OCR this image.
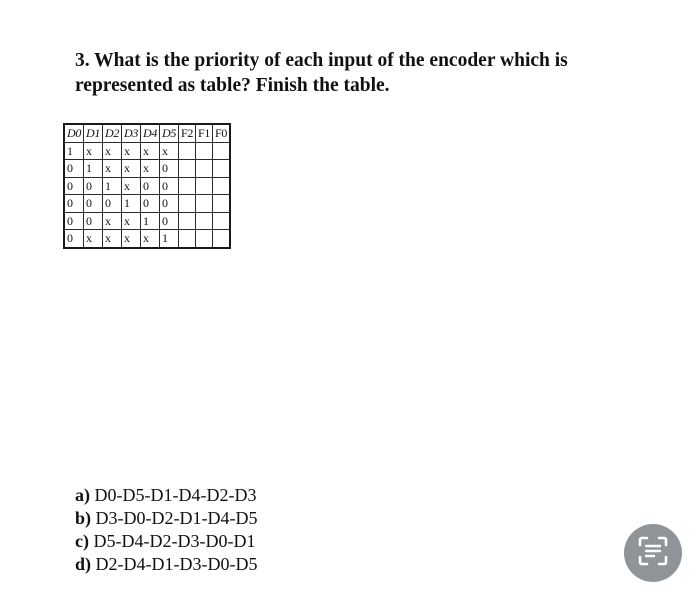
3. What is the priority of each input of the encoder which is represented as table? Finish the table.

D0	D1	D2	D3	D4	D5	F2	F1	F0
1	x	x	x	x	x			
0	1	x	x	x	0			
0	0	1	x	0	0			
0	0	0	1	0	0			
0	0	x	x	1	0			
0	x	x	x	x	1			
a) D0-D5-D1-D4-D2-D3
b) D3-D0-D2-D1-D4-D5
c) D5-D4-D2-D3-D0-D1
d) D2-D4-D1-D3-D0-D5
